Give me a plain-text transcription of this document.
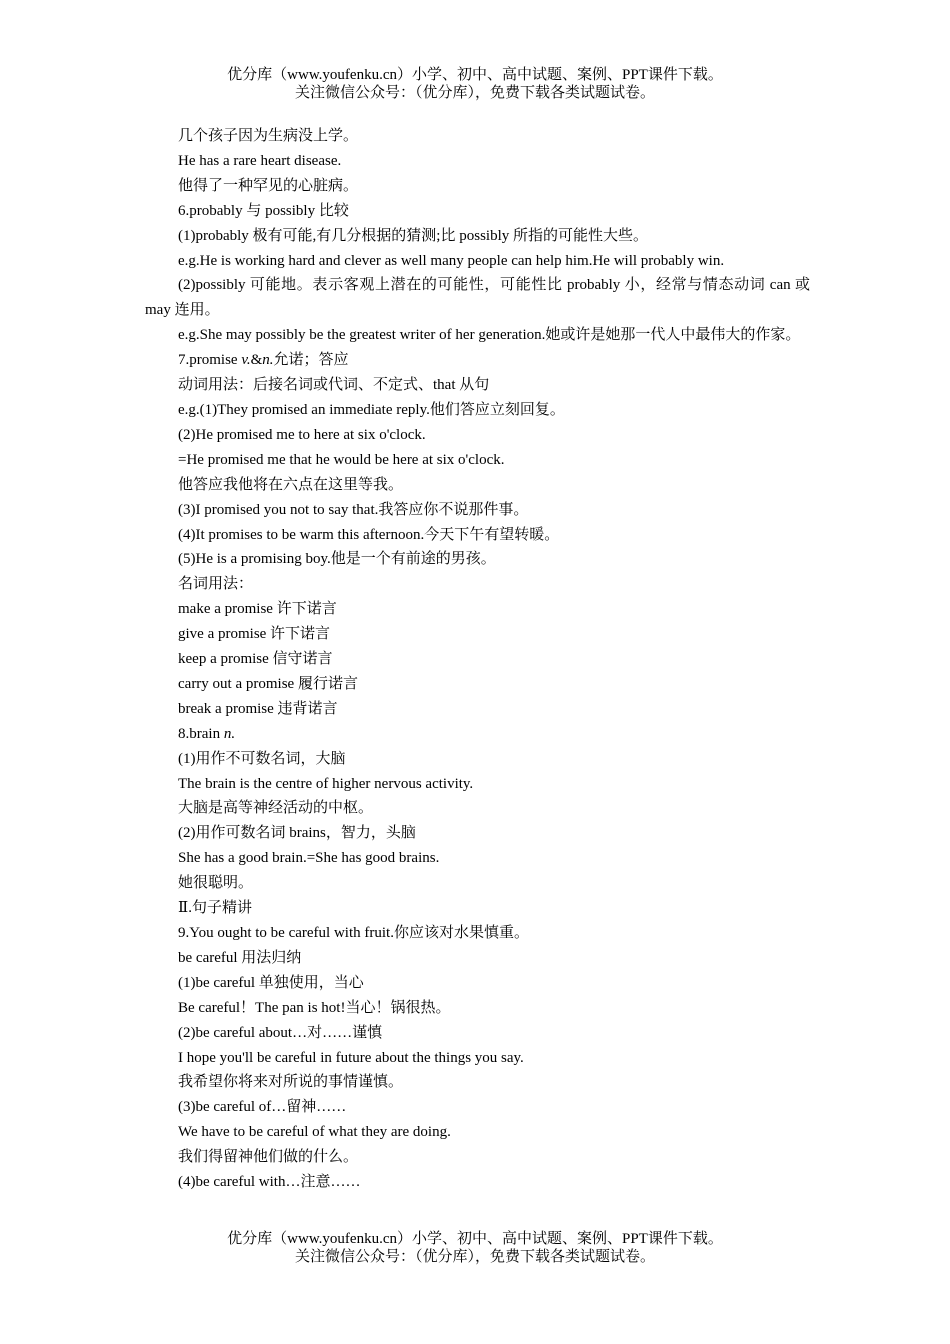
优分库（www.youfenku.cn）小学、初中、高中试题、案例、PPT课件下载。
关注微信公众号：（优分库），免费下载各类试题试卷。

几个孩子因为生病没上学。

He has a rare heart disease.

他得了一种罕见的心脏病。

6.probably 与 possibly 比较

(1)probably 极有可能,有几分根据的猜测;比 possibly 所指的可能性大些。

e.g.He is working hard and clever as well many people can help him.He will probably win.

(2)possibly 可能地。表示客观上潜在的可能性，可能性比 probably 小，经常与情态动词 can 或 may 连用。

e.g.She may possibly be the greatest writer of her generation.她或许是她那一代人中最伟大的作家。

7.promise v.&n.允诺；答应

动词用法：后接名词或代词、不定式、that 从句

e.g.(1)They promised an immediate reply.他们答应立刻回复。

(2)He promised me to here at six o'clock.

=He promised me that he would be here at six o'clock.

他答应我他将在六点在这里等我。

(3)I promised you not to say that.我答应你不说那件事。

(4)It promises to be warm this afternoon.今天下午有望转暖。

(5)He is a promising boy.他是一个有前途的男孩。

名词用法：

make a promise 许下诺言

give a promise 许下诺言

keep a promise 信守诺言

carry out a promise 履行诺言

break a promise 违背诺言

8.brain n.

(1)用作不可数名词，大脑

The brain is the centre of higher nervous activity.

大脑是高等神经活动的中枢。

(2)用作可数名词 brains，智力，头脑

She has a good brain.=She has good brains.

她很聪明。

Ⅱ.句子精讲

9.You ought to be careful with fruit.你应该对水果慎重。

be careful 用法归纳

(1)be careful 单独使用，当心

Be careful！The pan is hot!当心！锅很热。

(2)be careful about…对……谨慎

I hope you'll be careful in future about the things you say.

我希望你将来对所说的事情谨慎。

(3)be careful of…留神……

We have to be careful of what they are doing.

我们得留神他们做的什么。

(4)be careful with…注意……

优分库（www.youfenku.cn）小学、初中、高中试题、案例、PPT课件下载。
关注微信公众号：（优分库），免费下载各类试题试卷。
